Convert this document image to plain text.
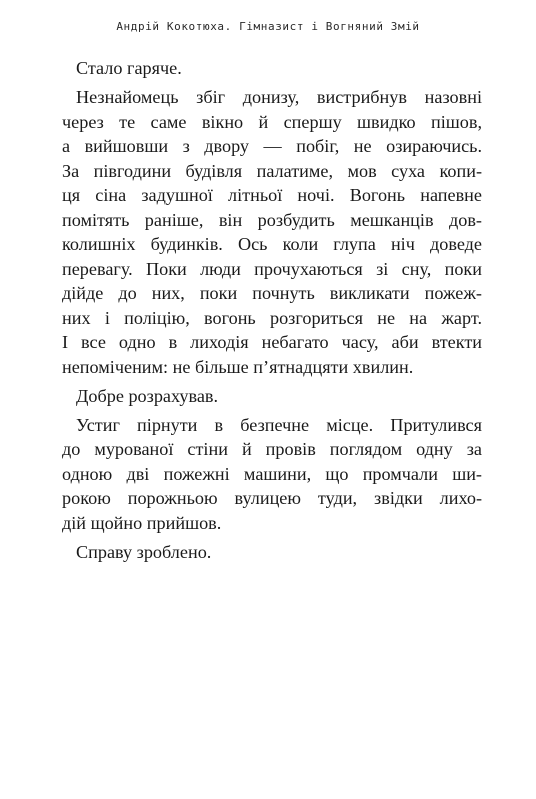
Андрій Кокотюха. Гімназист і Вогняний Змій
Стало гаряче.
Незнайомець збіг донизу, вистрибнув назовні
через те саме вікно й спершу швидко пішов,
а вийшовши з двору — побіг, не озираючись.
За півгодини будівля палатиме, мов суха копи-
ця сіна задушної літньої ночі. Вогонь напевне
помітять раніше, він розбудить мешканців дов-
колишніх будинків. Ось коли глупа ніч доведе
перевагу. Поки люди прочухаються зі сну, поки
дійде до них, поки почнуть викликати пожеж-
них і поліцію, вогонь розгориться не на жарт.
І все одно в лиходія небагато часу, аби втекти
непоміченим: не більше п’ятнадцяти хвилин.
Добре розрахував.
Устиг пірнути в безпечне місце. Притулився
до мурованої стіни й провів поглядом одну за
одною дві пожежні машини, що промчали ши-
рокою порожньою вулицею туди, звідки лихо-
дій щойно прийшов.
Справу зроблено.
